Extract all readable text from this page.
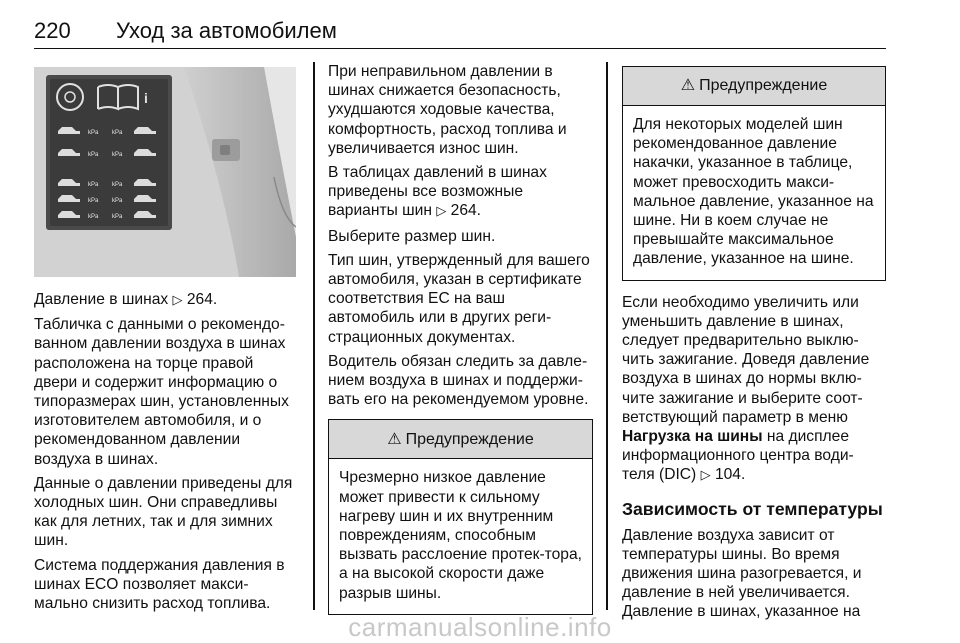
220 Уход за автомобилем
i
kPa kPa
kPa kPa
kPa kPa
kPa kPa
kPa kPa

Давление в шинах ▷ 264.

Табличка с данными о рекомендо-ванном давлении воздуха в шинах расположена на торце правой двери и содержит информацию о типоразмерах шин, установленных изготовителем автомобиля, и о рекомендованном давлении воздуха в шинах.

Данные о давлении приведены для холодных шин. Они справедливы как для летних, так и для зимних шин.

Система поддержания давления в шинах ECO позволяет макси-мально снизить расход топлива.

При неправильном давлении в шинах снижается безопасность, ухудшаются ходовые качества, комфортность, расход топлива и увеличивается износ шин.

В таблицах давлений в шинах приведены все возможные варианты шин ▷ 264.

Выберите размер шин.

Тип шин, утвержденный для вашего автомобиля, указан в сертификате соответствия ЕС на ваш автомобиль или в других реги-страционных документах.

Водитель обязан следить за давле-нием воздуха в шинах и поддержи-вать его на рекомендуемом уровне.

⚠ Предупреждение
Чрезмерно низкое давление может привести к сильному нагреву шин и их внутренним повреждениям, способным вызвать расслоение протек-тора, а на высокой скорости даже разрыв шины.
⚠ Предупреждение
Для некоторых моделей шин рекомендованное давление накачки, указанное в таблице, может превосходить макси-мальное давление, указанное на шине. Ни в коем случае не превышайте максимальное давление, указанное на шине.

Если необходимо увеличить или уменьшить давление в шинах, следует предварительно выклю-чить зажигание. Доведя давление воздуха в шинах до нормы вклю-чите зажигание и выберите соот-ветствующий параметр в меню Нагрузка на шины на дисплее информационного центра води-теля (DIC) ▷ 104.

Зависимость от температуры

Давление воздуха зависит от температуры шины. Во время движения шина разогревается, и давление в ней увеличивается. Давление в шинах, указанное на

carmanualsonline.info
